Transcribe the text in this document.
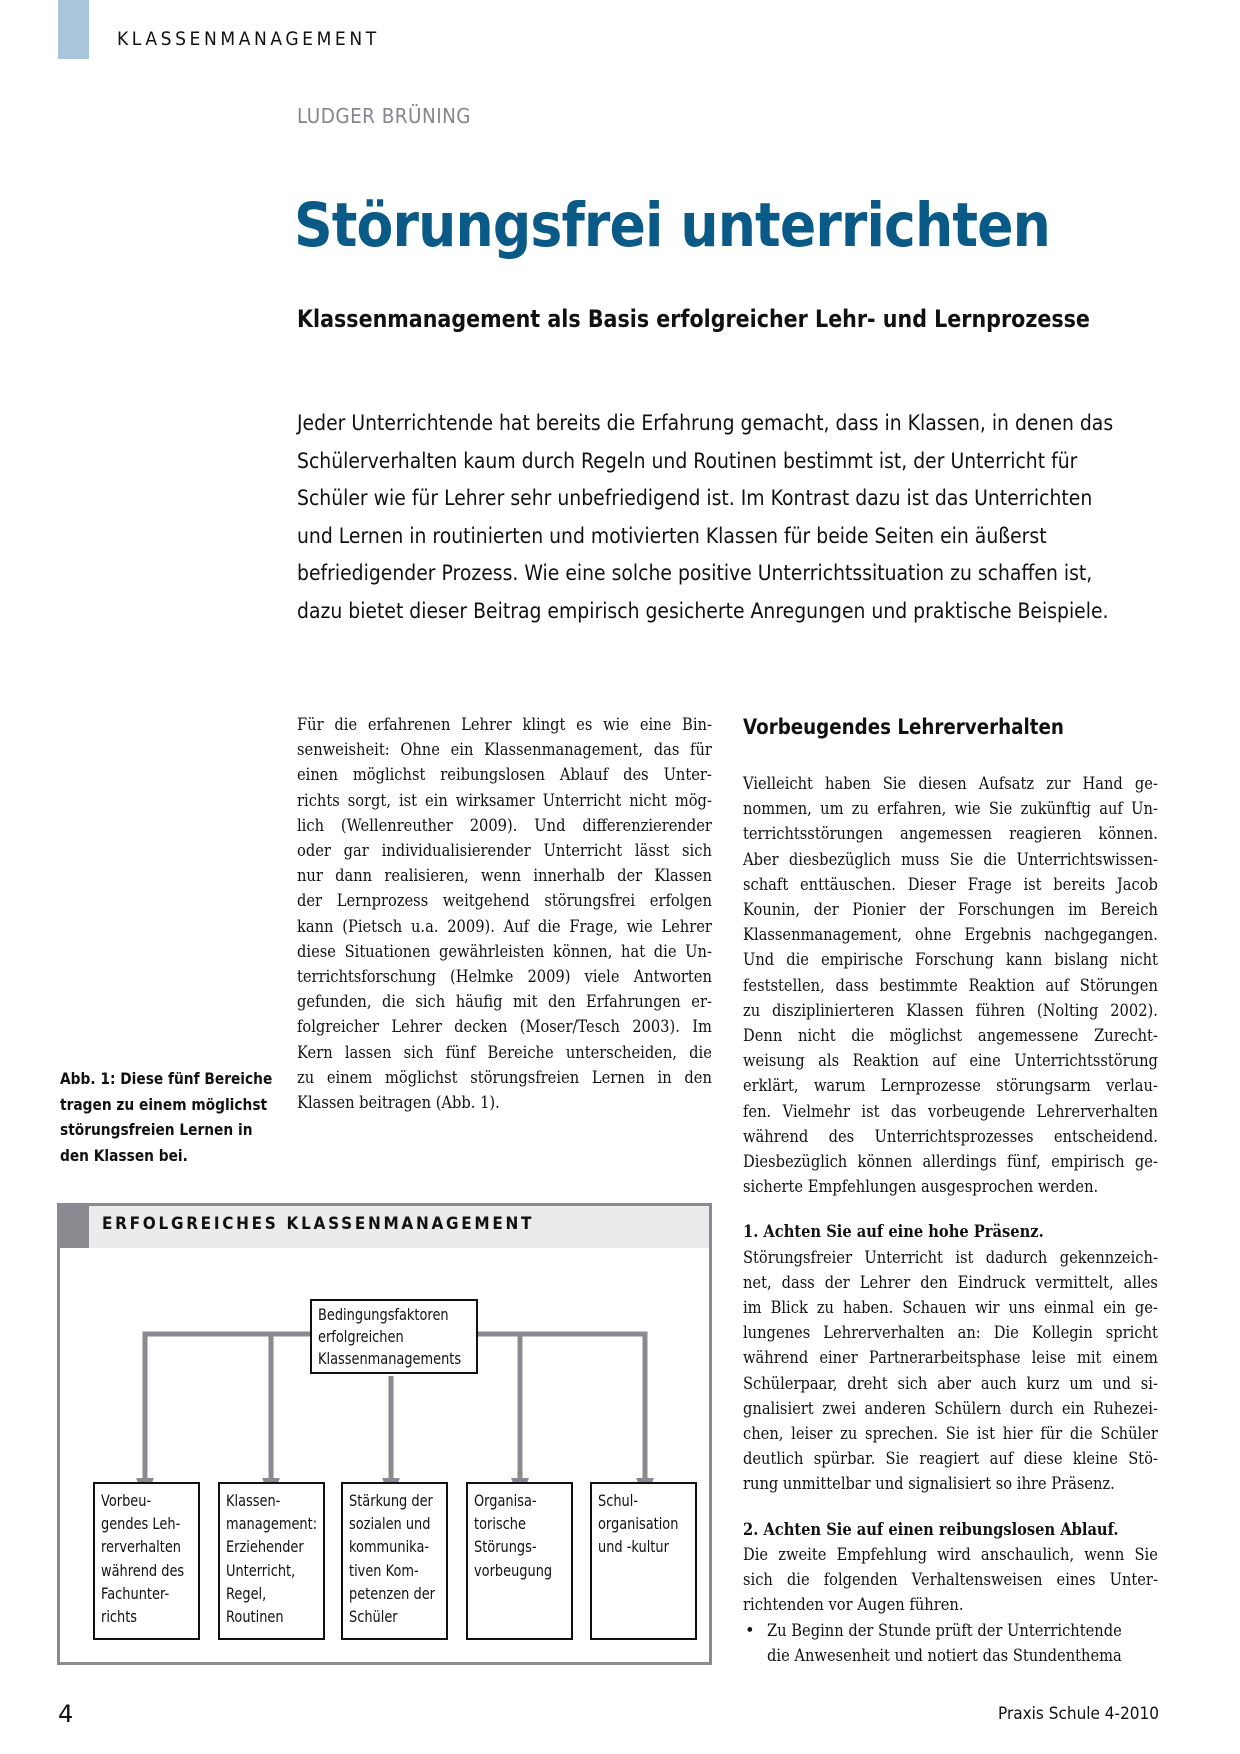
KLASSENMANAGEMENT
LUDGER BRÜNING
Störungsfrei unterrichten
Klassenmanagement als Basis erfolgreicher Lehr- und Lernprozesse

Jeder Unterrichtende hat bereits die Erfahrung gemacht, dass in Klassen, in denen das

Schülerverhalten kaum durch Regeln und Routinen bestimmt ist, der Unterricht für

Schüler wie für Lehrer sehr unbefriedigend ist. Im Kontrast dazu ist das Unterrichten

und Lernen in routinierten und motivierten Klassen für beide Seiten ein äußerst

befriedigender Prozess. Wie eine solche positive Unterrichtssituation zu schaffen ist,

dazu bietet dieser Beitrag empirisch gesicherte Anregungen und praktische Beispiele.

Für die erfahrenen Lehrer klingt es wie eine Bin-
senweisheit: Ohne ein Klassenmanagement, das für
einen möglichst reibungslosen Ablauf des Unter-
richts sorgt, ist ein wirksamer Unterricht nicht mög-
lich (Wellenreuther 2009). Und differenzierender
oder gar individualisierender Unterricht lässt sich
nur dann realisieren, wenn innerhalb der Klassen
der Lernprozess weitgehend störungsfrei erfolgen
kann (Pietsch u.a. 2009). Auf die Frage, wie Lehrer
diese Situationen gewährleisten können, hat die Un-
terrichtsforschung (Helmke 2009) viele Antworten
gefunden, die sich häufig mit den Erfahrungen er-
folgreicher Lehrer decken (Moser/Tesch 2003). Im
Kern lassen sich fünf Bereiche unterscheiden, die
zu einem möglichst störungsfreien Lernen in den
Klassen beitragen (Abb. 1).
Abb. 1: Diese fünf Bereiche
tragen zu einem möglichst
störungsfreien Lernen in
den Klassen bei.
ERFOLGREICHES KLASSENMANAGEMENT
Bedingungsfaktoren
erfolgreichen
Klassenmanagements
Vorbeu-
gendes Leh-
rerverhalten
während des
Fachunter-
richts
Klassen-
management:
Erziehender
Unterricht,
Regel,
Routinen
Stärkung der
sozialen und
kommunika-
tiven Kom-
petenzen der
Schüler
Organisa-
torische
Störungs-
vorbeugung
Schul-
organisation
und -kultur
Vorbeugendes Lehrerverhalten
Vielleicht haben Sie diesen Aufsatz zur Hand ge-
nommen, um zu erfahren, wie Sie zukünftig auf Un-
terrichtsstörungen angemessen reagieren können.
Aber diesbezüglich muss Sie die Unterrichtswissen-
schaft enttäuschen. Dieser Frage ist bereits Jacob
Kounin, der Pionier der Forschungen im Bereich
Klassenmanagement, ohne Ergebnis nachgegangen.
Und die empirische Forschung kann bislang nicht
feststellen, dass bestimmte Reaktion auf Störungen
zu disziplinierteren Klassen führen (Nolting 2002).
Denn nicht die möglichst angemessene Zurecht-
weisung als Reaktion auf eine Unterrichtsstörung
erklärt, warum Lernprozesse störungsarm verlau-
fen. Vielmehr ist das vorbeugende Lehrerverhalten
während des Unterrichtsprozesses entscheidend.
Diesbezüglich können allerdings fünf, empirisch ge-
sicherte Empfehlungen ausgesprochen werden.
1. Achten Sie auf eine hohe Präsenz.
Störungsfreier Unterricht ist dadurch gekennzeich-
net, dass der Lehrer den Eindruck vermittelt, alles
im Blick zu haben. Schauen wir uns einmal ein ge-
lungenes Lehrerverhalten an: Die Kollegin spricht
während einer Partnerarbeitsphase leise mit einem
Schülerpaar, dreht sich aber auch kurz um und si-
gnalisiert zwei anderen Schülern durch ein Ruhezei-
chen, leiser zu sprechen. Sie ist hier für die Schüler
deutlich spürbar. Sie reagiert auf diese kleine Stö-
rung unmittelbar und signalisiert so ihre Präsenz.
2. Achten Sie auf einen reibungslosen Ablauf.
Die zweite Empfehlung wird anschaulich, wenn Sie
sich die folgenden Verhaltensweisen eines Unter-
richtenden vor Augen führen.
• Zu Beginn der Stunde prüft der Unterrichtende
die Anwesenheit und notiert das Stundenthema
4	Praxis Schule 4-2010
